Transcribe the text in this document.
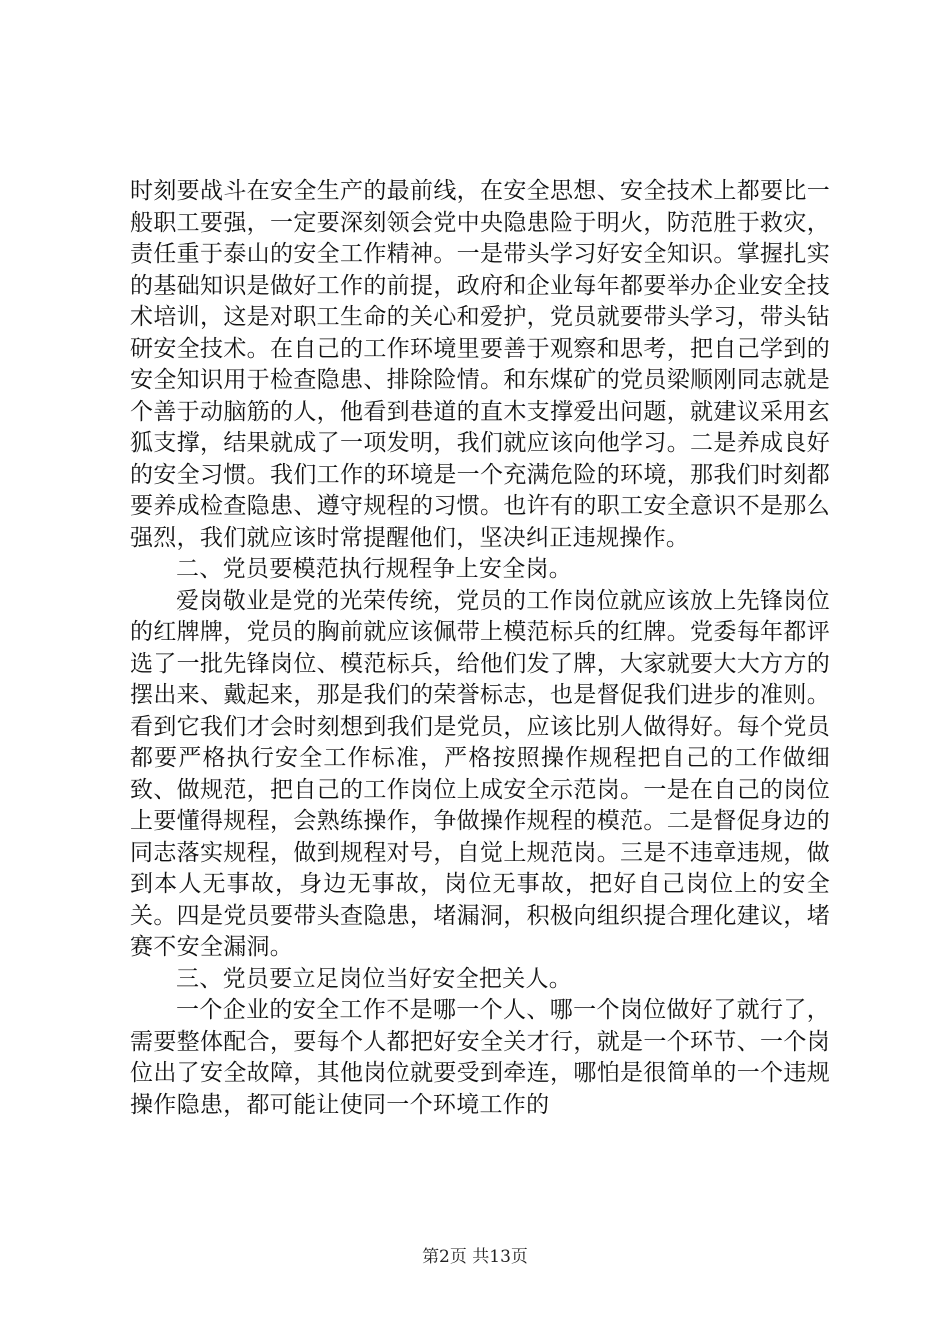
时刻要战斗在安全生产的最前线，在安全思想、安全技术上都要比一般职工要强，一定要深刻领会党中央隐患险于明火，防范胜于救灾，责任重于泰山的安全工作精神。一是带头学习好安全知识。掌握扎实的基础知识是做好工作的前提，政府和企业每年都要举办企业安全技术培训，这是对职工生命的关心和爱护，党员就要带头学习，带头钻研安全技术。在自己的工作环境里要善于观察和思考，把自己学到的安全知识用于检查隐患、排除险情。和东煤矿的党员梁顺刚同志就是个善于动脑筋的人，他看到巷道的直木支撑爱出问题，就建议采用玄狐支撑，结果就成了一项发明，我们就应该向他学习。二是养成良好的安全习惯。我们工作的环境是一个充满危险的环境，那我们时刻都要养成检查隐患、遵守规程的习惯。也许有的职工安全意识不是那么强烈，我们就应该时常提醒他们，坚决纠正违规操作。

二、党员要模范执行规程争上安全岗。

爱岗敬业是党的光荣传统，党员的工作岗位就应该放上先锋岗位的红牌牌，党员的胸前就应该佩带上模范标兵的红牌。党委每年都评选了一批先锋岗位、模范标兵，给他们发了牌，大家就要大大方方的摆出来、戴起来，那是我们的荣誉标志，也是督促我们进步的准则。看到它我们才会时刻想到我们是党员，应该比别人做得好。每个党员都要严格执行安全工作标准，严格按照操作规程把自己的工作做细致、做规范，把自己的工作岗位上成安全示范岗。一是在自己的岗位上要懂得规程，会熟练操作，争做操作规程的模范。二是督促身边的同志落实规程，做到规程对号，自觉上规范岗。三是不违章违规，做到本人无事故，身边无事故，岗位无事故，把好自己岗位上的安全关。四是党员要带头查隐患，堵漏洞，积极向组织提合理化建议，堵赛不安全漏洞。

三、党员要立足岗位当好安全把关人。

一个企业的安全工作不是哪一个人、哪一个岗位做好了就行了，需要整体配合，要每个人都把好安全关才行，就是一个环节、一个岗位出了安全故障，其他岗位就要受到牵连，哪怕是很简单的一个违规操作隐患，都可能让使同一个环境工作的

第2页 共13页
